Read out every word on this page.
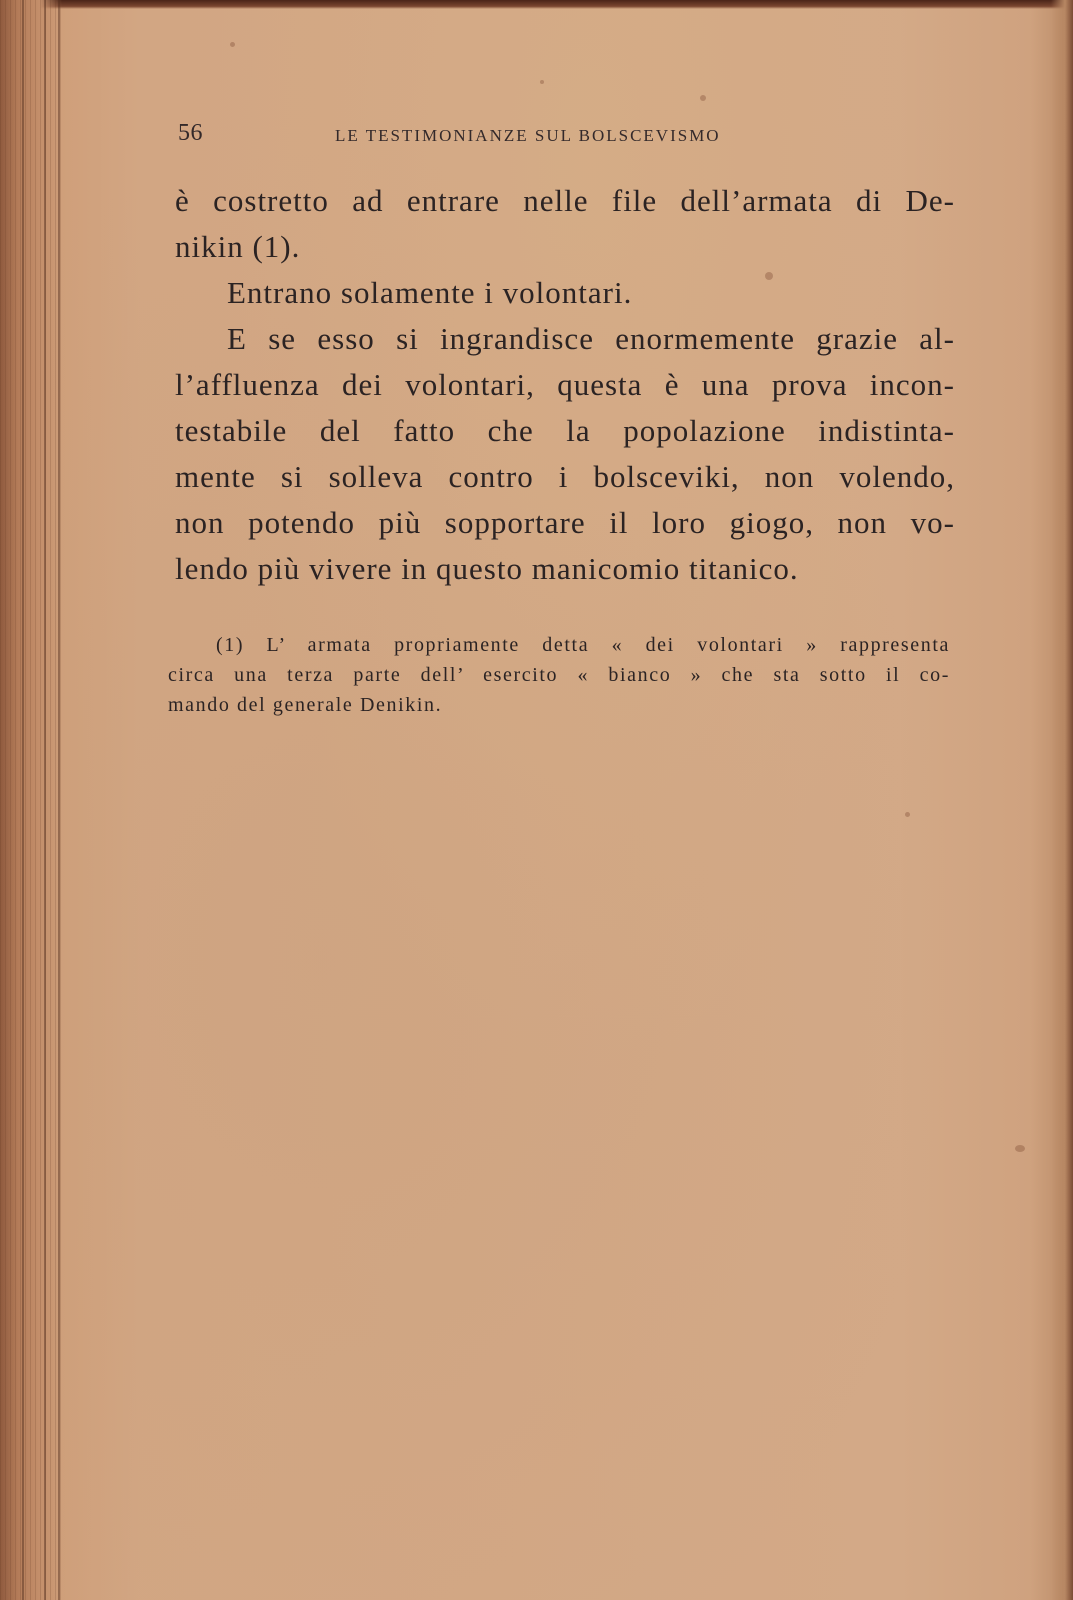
56	LE TESTIMONIANZE SUL BOLSCEVISMO
è costretto ad entrare nelle file dell’armata di De-
nikin (1).
Entrano solamente i volontari.
E se esso si ingrandisce enormemente grazie al-
l’affluenza dei volontari, questa è una prova incon-
testabile del fatto che la popolazione indistinta-
mente si solleva contro i bolsceviki, non volendo,
non potendo più sopportare il loro giogo, non vo-
lendo più vivere in questo manicomio titanico.
(1) L’ armata propriamente detta « dei volontari » rappresenta
circa una terza parte dell’ esercito « bianco » che sta sotto il co-
mando del generale Denikin.
